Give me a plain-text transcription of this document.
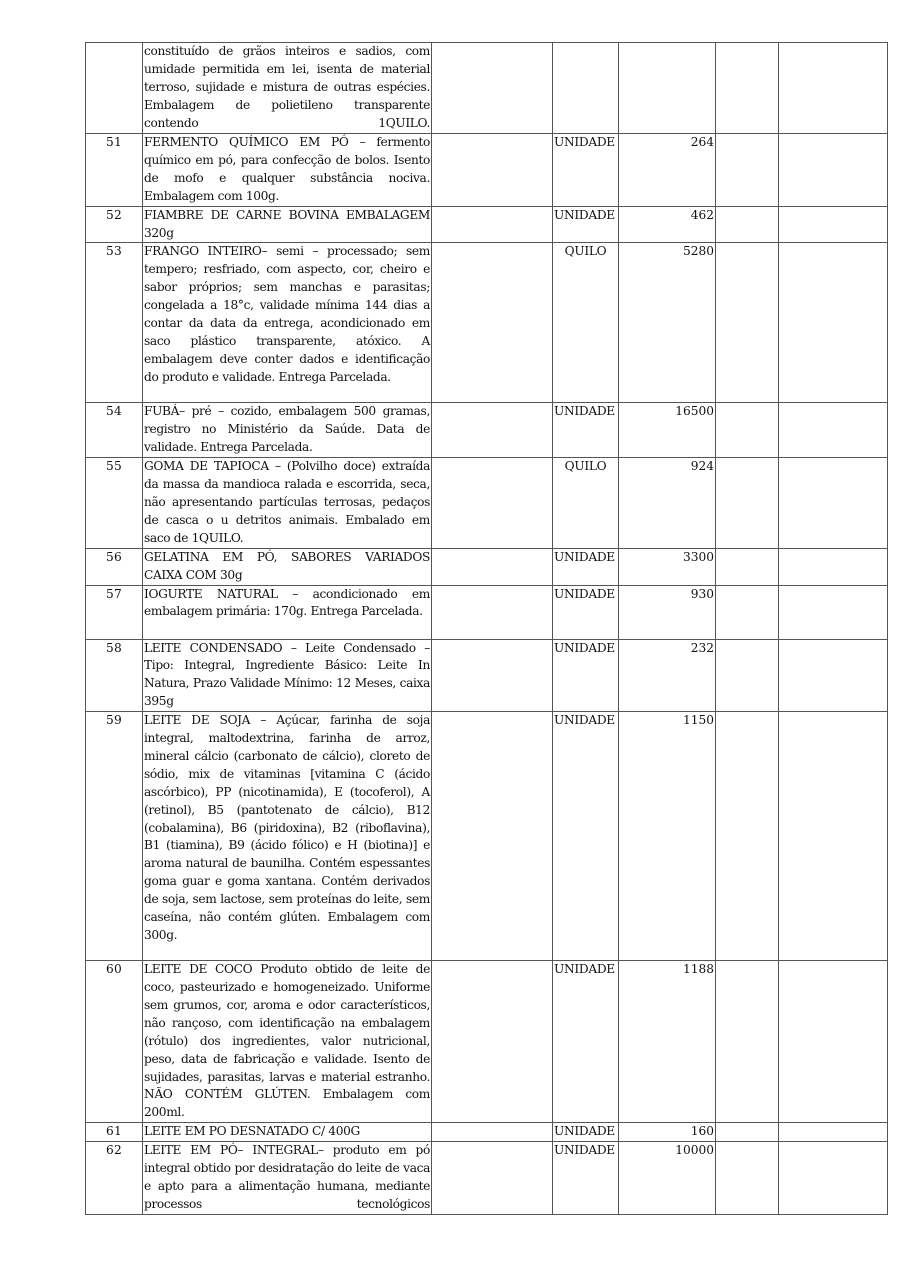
	constituído de grãos inteiros e sadios, com umidade permitida em lei, isenta de material terroso, sujidade e mistura de outras espécies. Embalagem de polietileno transparente contendo 1QUILO.					
51	FERMENTO QUÍMICO EM PÓ – fermento químico em pó, para confecção de bolos. Isento de mofo e qualquer substância nociva. Embalagem com 100g.		UNIDADE	264		
52	FIAMBRE DE CARNE BOVINA EMBALAGEM 320g		UNIDADE	462		
53	FRANGO INTEIRO– semi – processado; sem tempero; resfriado, com aspecto, cor, cheiro e sabor próprios; sem manchas e parasitas; congelada a 18°c, validade mínima 144 dias a contar da data da entrega, acondicionado em saco plástico transparente, atóxico. A embalagem deve conter dados e identificação do produto e validade. Entrega Parcelada.		QUILO	5280		
54	FUBÁ– pré – cozido, embalagem 500 gramas, registro no Ministério da Saúde. Data de validade. Entrega Parcelada.		UNIDADE	16500		
55	GOMA DE TAPIOCA – (Polvilho doce) extraída da massa da mandioca ralada e escorrida, seca, não apresentando partículas terrosas, pedaços de casca o u detritos animais. Embalado em saco de 1QUILO.		QUILO	924		
56	GELATINA EM PÓ, SABORES VARIADOS CAIXA COM 30g		UNIDADE	3300		
57	IOGURTE NATURAL – acondicionado em embalagem primária: 170g. Entrega Parcelada.		UNIDADE	930		
58	LEITE CONDENSADO – Leite Condensado – Tipo: Integral, Ingrediente Básico: Leite In Natura, Prazo Validade Mínimo: 12 Meses, caixa 395g		UNIDADE	232		
59	LEITE DE SOJA – Açúcar, farinha de soja integral, maltodextrina, farinha de arroz, mineral cálcio (carbonato de cálcio), cloreto de sódio, mix de vitaminas [vitamina C (ácido ascórbico), PP (nicotinamida), E (tocoferol), A (retinol), B5 (pantotenato de cálcio), B12 (cobalamina), B6 (piridoxina), B2 (riboflavina), B1 (tiamina), B9 (ácido fólico) e H (biotina)] e aroma natural de baunilha. Contém espessantes goma guar e goma xantana. Contém derivados de soja, sem lactose, sem proteínas do leite, sem caseína, não contém glúten. Embalagem com 300g.		UNIDADE	1150		
60	LEITE DE COCO Produto obtido de leite de coco, pasteurizado e homogeneizado. Uniforme sem grumos, cor, aroma e odor característicos, não rançoso, com identificação na embalagem (rótulo) dos ingredientes, valor nutricional, peso, data de fabricação e validade. Isento de sujidades, parasitas, larvas e material estranho. NÃO CONTÉM GLÚTEN. Embalagem com 200ml.		UNIDADE	1188		
61	LEITE EM PO DESNATADO C/ 400G		UNIDADE	160		
62	LEITE EM PÓ– INTEGRAL– produto em pó integral obtido por desidratação do leite de vaca e apto para a alimentação humana, mediante processos tecnológicos		UNIDADE	10000		
